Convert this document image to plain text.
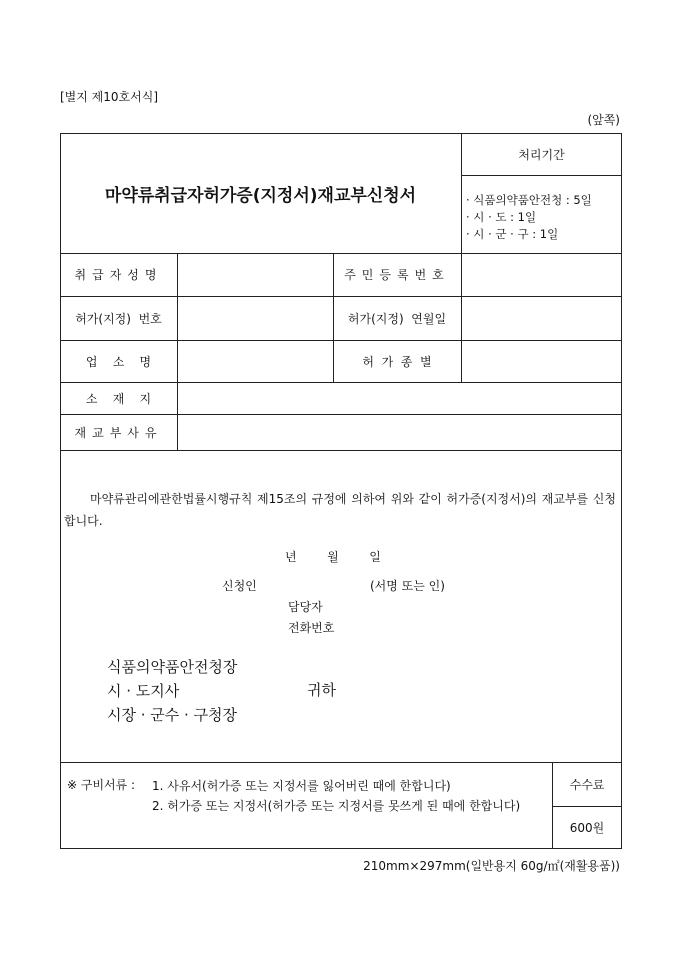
[별지 제10호서식]
(앞쪽)
마약류취급자허가증(지정서)재교부신청서
처리기간
· 식품의약품안전청 : 5일
· 시 · 도 : 1일
· 시 · 군 · 구 : 1일
취급자성명	주민등록번호
허가(지정)  번호	허가(지정)  연월일
업    소    명	허  가  종  별
소    재    지
재교부사유
마약류관리에관한법률시행규칙 제15조의 규정에 의하여 위와 같이 허가증(지정서)의 재교부를 신청합니다.
년        월        일
신청인	(서명 또는 인)
담당자
전화번호
식품의약품안전청장
시 · 도지사
시장 · 군수 · 구청장
귀하
※ 구비서류 : 1. 사유서(허가증 또는 지정서를 잃어버린 때에 한합니다)
2. 허가증 또는 지정서(허가증 또는 지정서를 못쓰게 된 때에 한합니다)
수수료
600원
210mm×297mm(일반용지 60g/㎡(재활용품))
